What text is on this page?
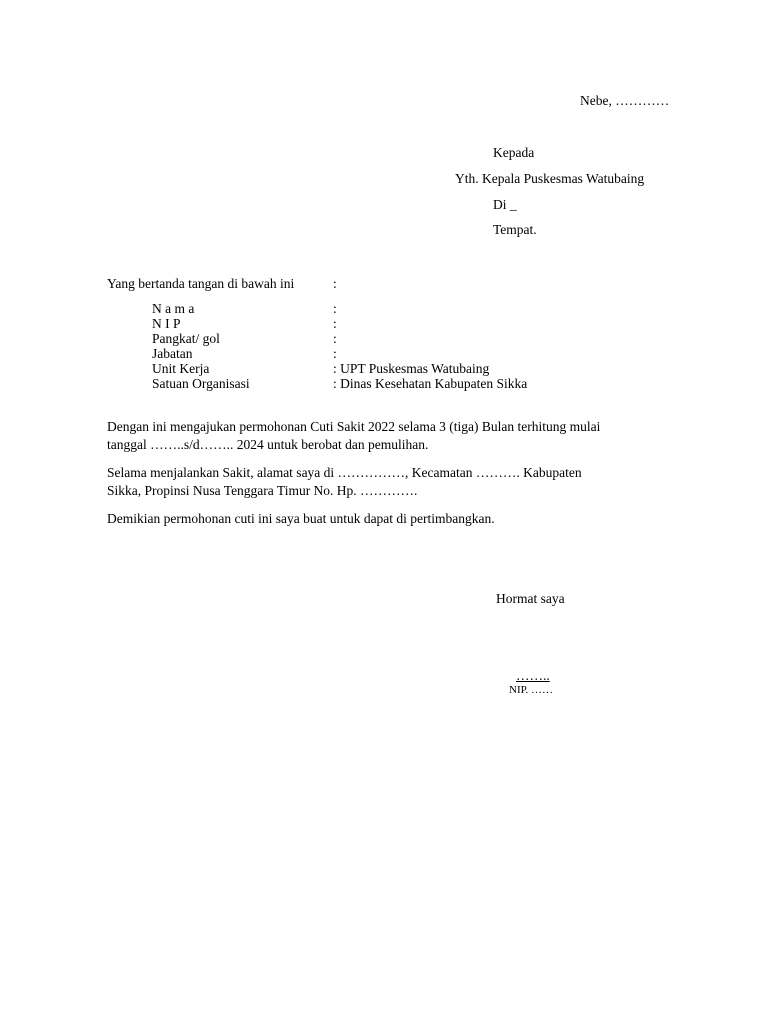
Nebe, …………
Kepada
Yth. Kepala Puskesmas Watubaing
Di _
Tempat.
Yang bertanda tangan di bawah ini	:
N a m a	:
N I P	:
Pangkat/ gol	:
Jabatan	:
Unit Kerja	: UPT Puskesmas Watubaing
Satuan Organisasi	: Dinas Kesehatan Kabupaten Sikka
Dengan ini mengajukan permohonan Cuti Sakit 2022 selama 3 (tiga) Bulan terhitung mulai
tanggal ……..s/d…….. 2024 untuk berobat dan pemulihan.
Selama menjalankan Sakit, alamat saya di ……………, Kecamatan ………. Kabupaten
Sikka, Propinsi Nusa Tenggara Timur No. Hp. ………….
Demikian permohonan cuti ini saya buat untuk dapat di pertimbangkan.
Hormat saya
……..
NIP. ……
